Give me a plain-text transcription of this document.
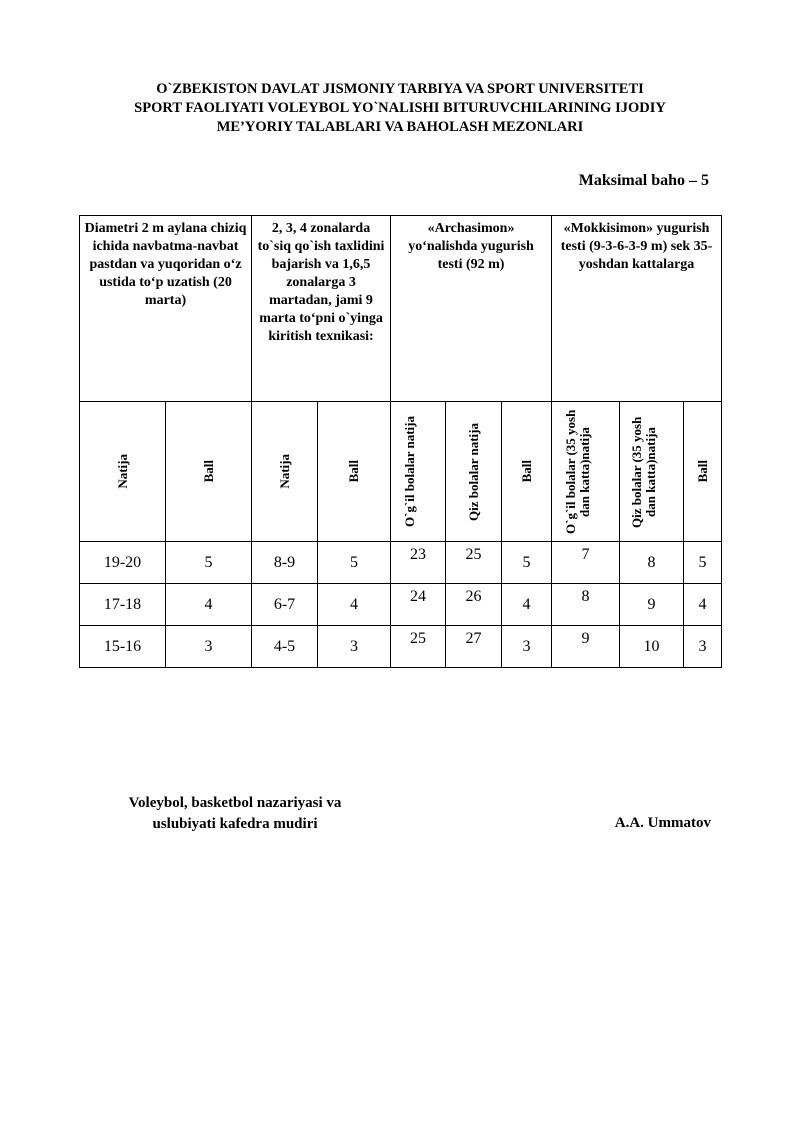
O`ZBEKISTON DAVLAT JISMONIY TARBIYA VA SPORT UNIVERSITETI
SPORT FAOLIYATI VOLEYBOL YO`NALISHI BITURUVCHILARINING IJODIY
ME’YORIY TALABLARI VA BAHOLASH MEZONLARI
Maksimal baho – 5
Diametri 2 m aylana chiziq ichida navbatma-navbat pastdan va yuqoridan o‘z ustida to‘p uzatish (20 marta)		2, 3, 4 zonalarda to`siq qo`ish taxlidini bajarish va 1,6,5 zonalarga 3 martadan, jami 9 marta to‘pni o`yinga kiritish texnikasi:		«Archasimon» yo‘nalishda yugurish testi (92 m)			«Mokkisimon» yugurish testi (9-3-6-3-9 m) sek 35-yoshdan kattalarga		

Natija	Ball	Natija	Ball	O`g`il bolalar natija	Qiz bolalar natija	Ball	O`g`il bolalar (35 yosh dan katta)natija	Qiz bolalar (35 yosh dan katta)natija	Ball

19-20	5	8-9	5	23	25	5	7	8	5
17-18	4	6-7	4	24	26	4	8	9	4
15-16	3	4-5	3	25	27	3	9	10	3
Voleybol, basketbol nazariyasi va
uslubiyati kafedra mudiri	A.A. Ummatov
